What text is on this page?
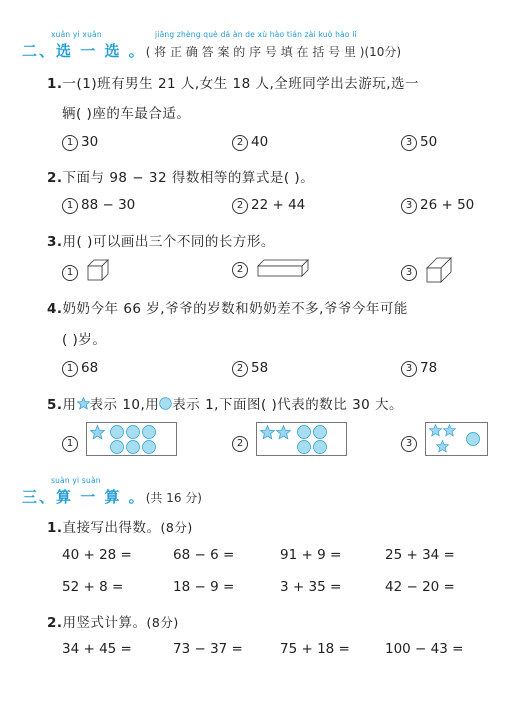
xuǎn yi xuǎn	jiāng zhèng què dá àn de xù hào tián zài kuò hào lǐ
二、选 一 选 。( 将 正 确 答 案 的 序 号 填 在 括 号 里 )(10分)
1.一(1)班有男生 21 人,女生 18 人,全班同学出去游玩,选一
辆( )座的车最合适。
1 30	2 40	3 50
2.下面与 98 − 32 得数相等的算式是( )。
1 88 − 30	2 22 + 44	3 26 + 50
3.用( )可以画出三个不同的长方形。
1	2	3
4.奶奶今年 66 岁,爷爷的岁数和奶奶差不多,爷爷今年可能
( )岁。
1 68	2 58	3 78
5.用 表示 10,用 表示 1,下面图( )代表的数比 30 大。
1	2	3
suàn yi suàn
三、算 一 算 。(共 16 分)
1.直接写出得数。(8分)
40 + 28 =	68 − 6 =	91 + 9 =	25 + 34 =
52 + 8 =	18 − 9 =	3 + 35 =	42 − 20 =
2.用竖式计算。(8分)
34 + 45 =	73 − 37 =	75 + 18 =	100 − 43 =
